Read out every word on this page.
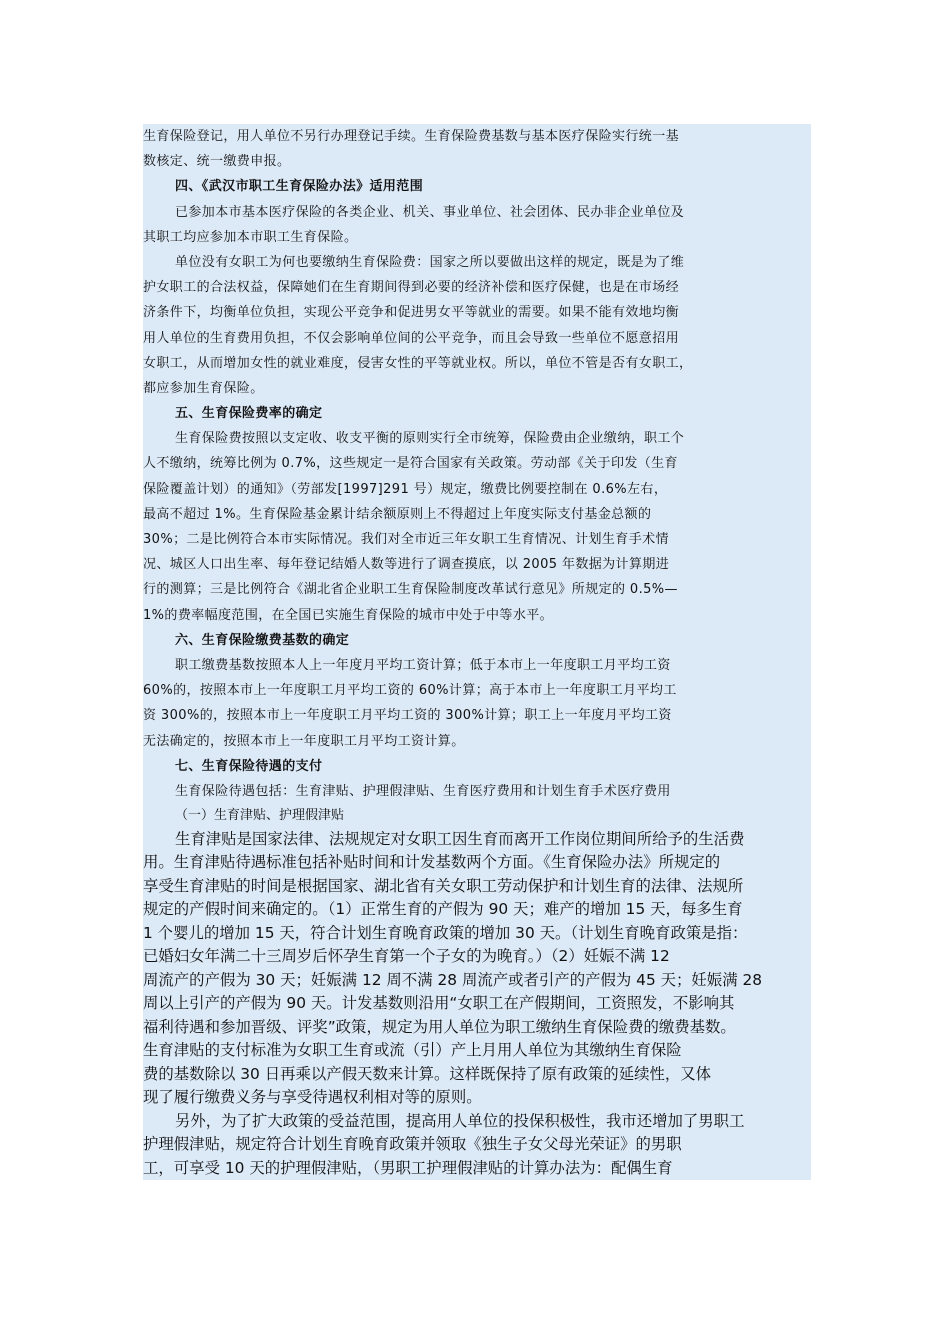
生育保险登记，用人单位不另行办理登记手续。生育保险费基数与基本医疗保险实行统一基
数核定、统一缴费申报。
四、《武汉市职工生育保险办法》适用范围
已参加本市基本医疗保险的各类企业、机关、事业单位、社会团体、民办非企业单位及
其职工均应参加本市职工生育保险。
单位没有女职工为何也要缴纳生育保险费：国家之所以要做出这样的规定，既是为了维
护女职工的合法权益，保障她们在生育期间得到必要的经济补偿和医疗保健，也是在市场经
济条件下，均衡单位负担，实现公平竞争和促进男女平等就业的需要。如果不能有效地均衡
用人单位的生育费用负担，不仅会影响单位间的公平竞争，而且会导致一些单位不愿意招用
女职工，从而增加女性的就业难度，侵害女性的平等就业权。所以，单位不管是否有女职工，
都应参加生育保险。
五、生育保险费率的确定
生育保险费按照以支定收、收支平衡的原则实行全市统筹，保险费由企业缴纳，职工个
人不缴纳，统筹比例为 0.7%，这些规定一是符合国家有关政策。劳动部《关于印发（生育
保险覆盖计划）的通知》（劳部发[1997]291 号）规定，缴费比例要控制在 0.6%左右，
最高不超过 1%。生育保险基金累计结余额原则上不得超过上年度实际支付基金总额的
30%；二是比例符合本市实际情况。我们对全市近三年女职工生育情况、计划生育手术情
况、城区人口出生率、每年登记结婚人数等进行了调查摸底，以 2005 年数据为计算期进
行的测算；三是比例符合《湖北省企业职工生育保险制度改革试行意见》所规定的 0.5%—
1%的费率幅度范围，在全国已实施生育保险的城市中处于中等水平。
六、生育保险缴费基数的确定
职工缴费基数按照本人上一年度月平均工资计算；低于本市上一年度职工月平均工资
60%的，按照本市上一年度职工月平均工资的 60%计算；高于本市上一年度职工月平均工
资 300%的，按照本市上一年度职工月平均工资的 300%计算；职工上一年度月平均工资
无法确定的，按照本市上一年度职工月平均工资计算。
七、生育保险待遇的支付
生育保险待遇包括：生育津贴、护理假津贴、生育医疗费用和计划生育手术医疗费用
（一）生育津贴、护理假津贴
生育津贴是国家法律、法规规定对女职工因生育而离开工作岗位期间所给予的生活费
用。生育津贴待遇标准包括补贴时间和计发基数两个方面。《生育保险办法》所规定的
享受生育津贴的时间是根据国家、湖北省有关女职工劳动保护和计划生育的法律、法规所
规定的产假时间来确定的。（1）正常生育的产假为 90 天；难产的增加 15 天，每多生育
1 个婴儿的增加 15 天，符合计划生育晚育政策的增加 30 天。（计划生育晚育政策是指：
已婚妇女年满二十三周岁后怀孕生育第一个子女的为晚育。）（2）妊娠不满 12
周流产的产假为 30 天；妊娠满 12 周不满 28 周流产或者引产的产假为 45 天；妊娠满 28
周以上引产的产假为 90 天。计发基数则沿用“女职工在产假期间，工资照发，不影响其
福利待遇和参加晋级、评奖”政策，规定为用人单位为职工缴纳生育保险费的缴费基数。
生育津贴的支付标准为女职工生育或流（引）产上月用人单位为其缴纳生育保险
费的基数除以 30 日再乘以产假天数来计算。这样既保持了原有政策的延续性，又体
现了履行缴费义务与享受待遇权利相对等的原则。
另外，为了扩大政策的受益范围，提高用人单位的投保积极性，我市还增加了男职工
护理假津贴，规定符合计划生育晚育政策并领取《独生子女父母光荣证》的男职
工，可享受 10 天的护理假津贴，（男职工护理假津贴的计算办法为：配偶生育
